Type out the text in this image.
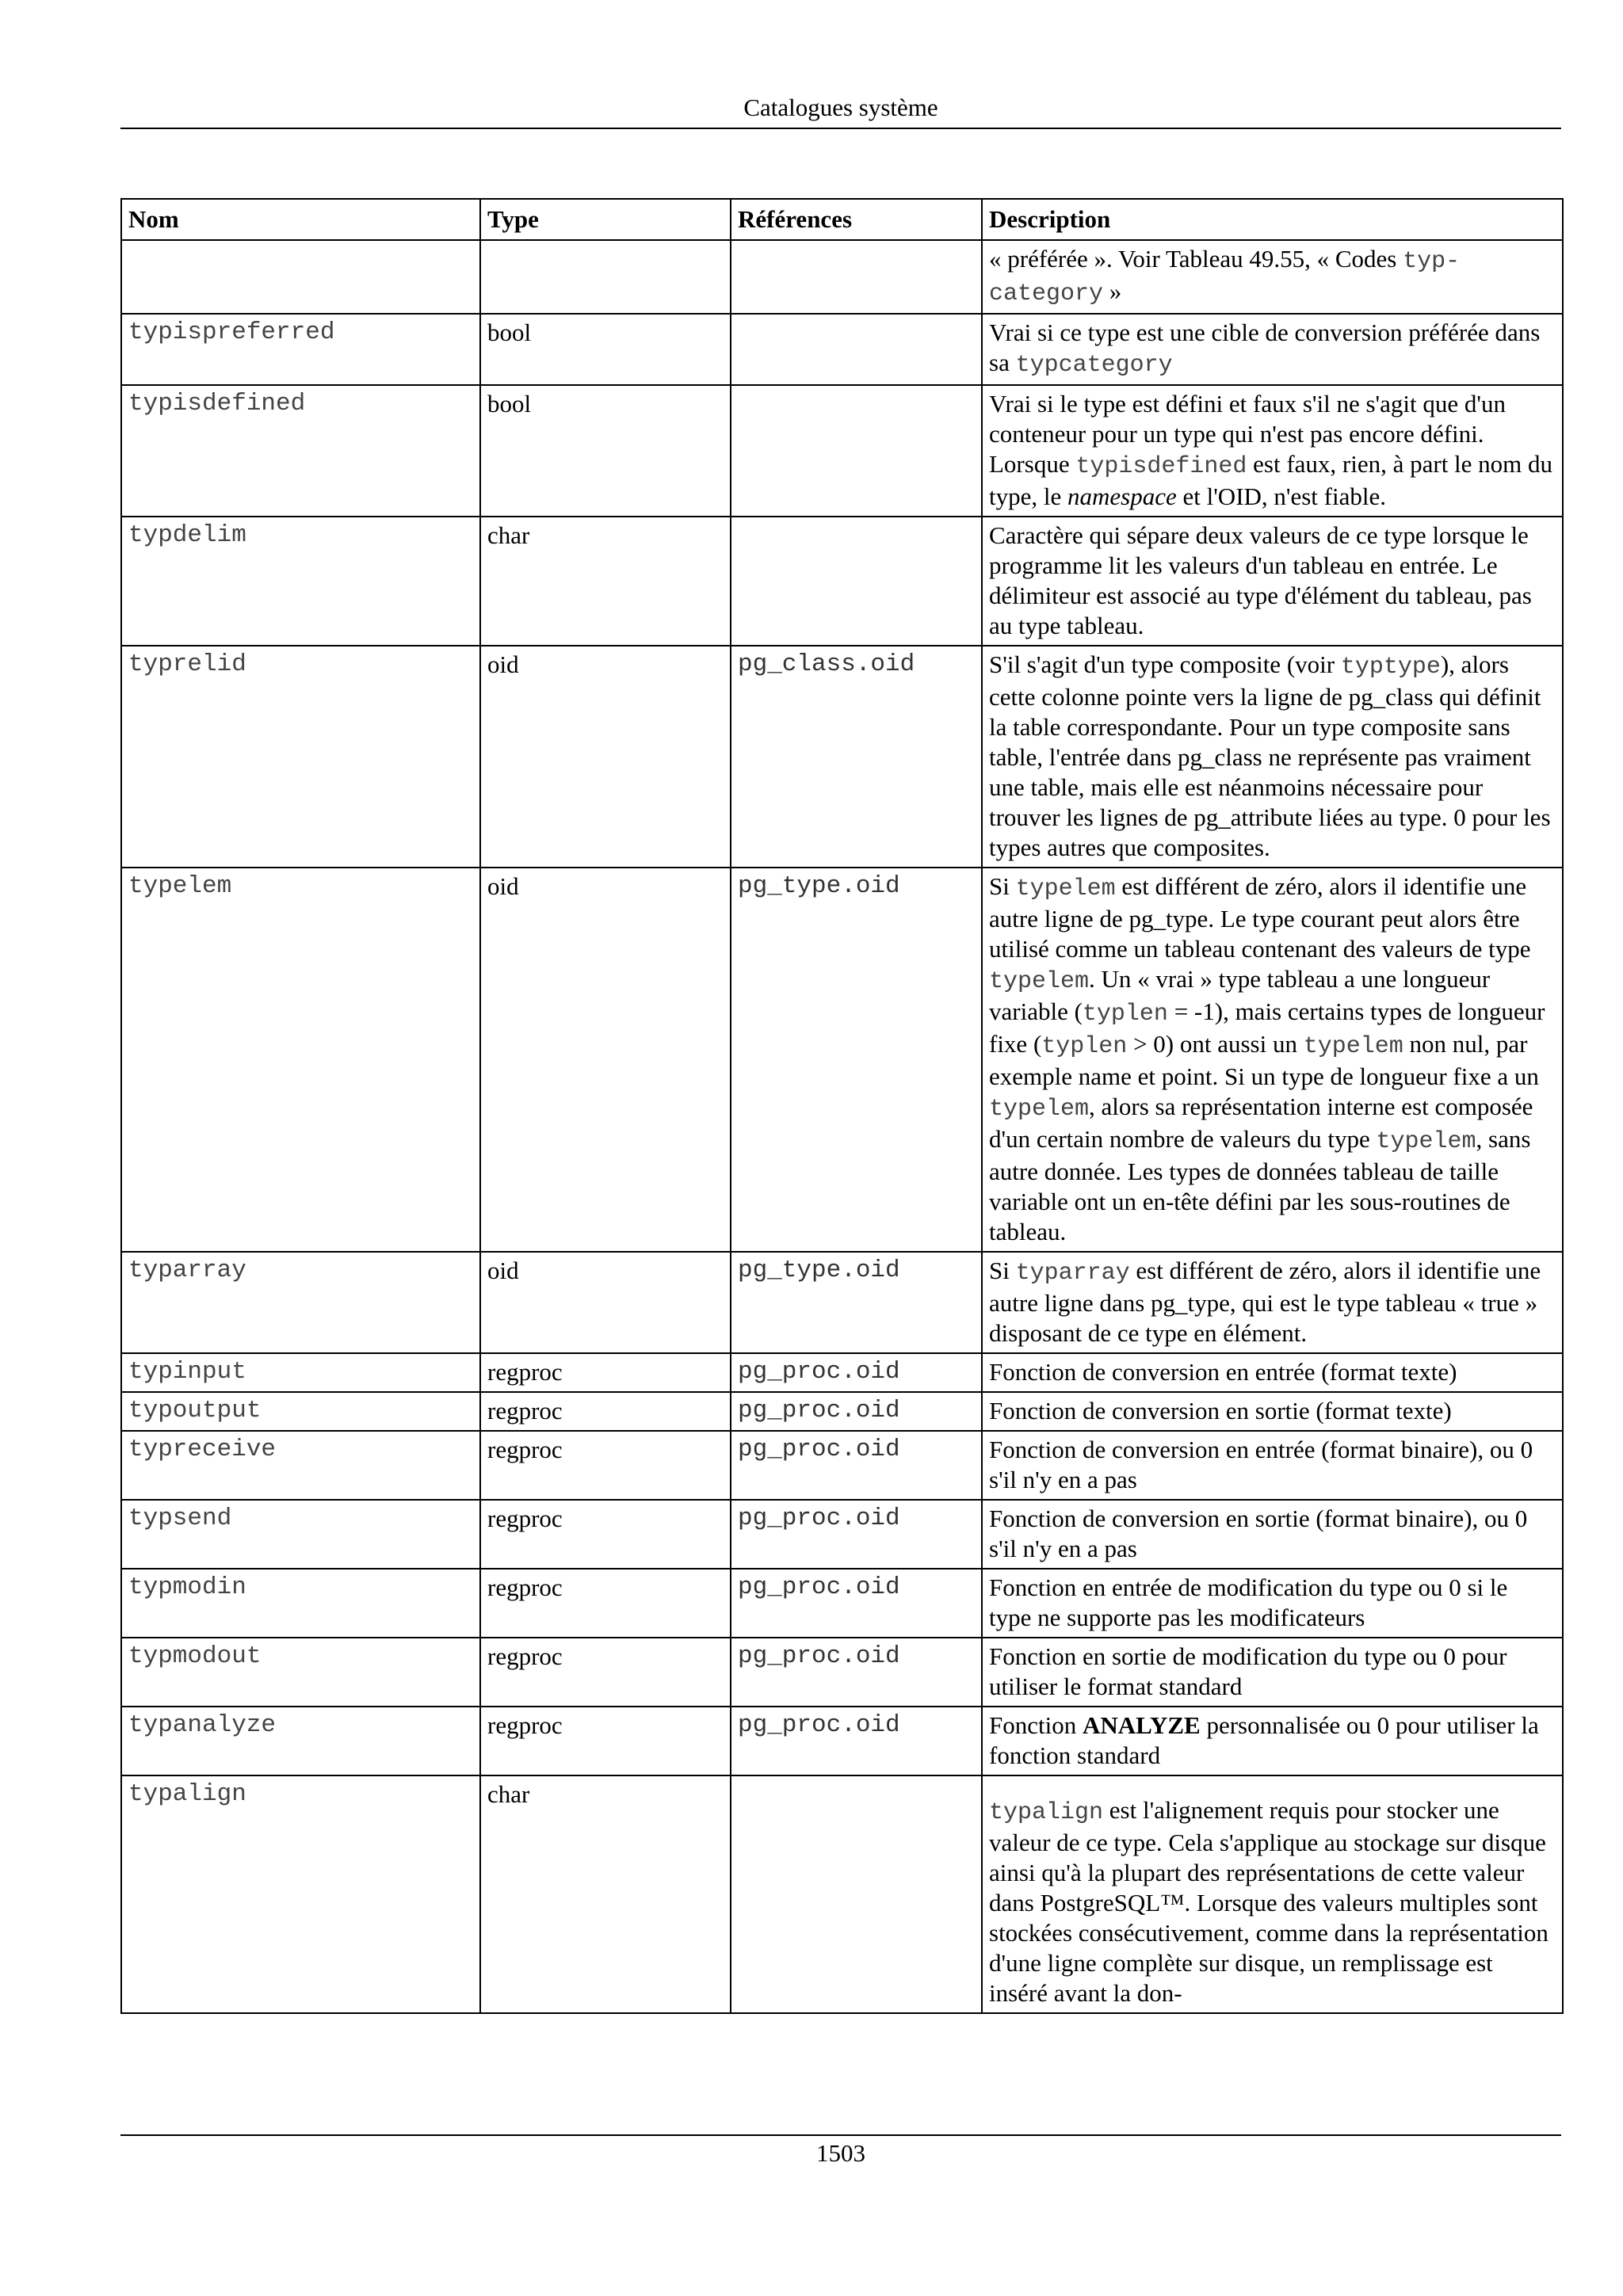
Catalogues système
Nom	Type	Références	Description
			« préférée ». Voir Tableau 49.55, « Codes typ-category »
typispreferred	bool		Vrai si ce type est une cible de conversion préférée dans sa typcategory
typisdefined	bool		Vrai si le type est défini et faux s'il ne s'agit que d'un conteneur pour un type qui n'est pas encore défini. Lorsque typisdefined est faux, rien, à part le nom du type, le namespace et l'OID, n'est fiable.
typdelim	char		Caractère qui sépare deux valeurs de ce type lorsque le programme lit les valeurs d'un tableau en entrée. Le délimiteur est associé au type d'élément du tableau, pas au type tableau.
typrelid	oid	pg_class.oid	S'il s'agit d'un type composite (voir typtype), alors cette colonne pointe vers la ligne de pg_class qui définit la table correspondante. Pour un type composite sans table, l'entrée dans pg_class ne représente pas vraiment une table, mais elle est néanmoins nécessaire pour trouver les lignes de pg_attribute liées au type. 0 pour les types autres que composites.
typelem	oid	pg_type.oid	Si typelem est différent de zéro, alors il identifie une autre ligne de pg_type. Le type courant peut alors être utilisé comme un tableau contenant des valeurs de type typelem. Un « vrai » type tableau a une longueur variable (typlen = -1), mais certains types de longueur fixe (typlen > 0) ont aussi un typelem non nul, par exemple name et point. Si un type de longueur fixe a un typelem, alors sa représentation interne est composée d'un certain nombre de valeurs du type typelem, sans autre donnée. Les types de données tableau de taille variable ont un en-tête défini par les sous-routines de tableau.
typarray	oid	pg_type.oid	Si typarray est différent de zéro, alors il identifie une autre ligne dans pg_type, qui est le type tableau « true » disposant de ce type en élément.
typinput	regproc	pg_proc.oid	Fonction de conversion en entrée (format texte)
typoutput	regproc	pg_proc.oid	Fonction de conversion en sortie (format texte)
typreceive	regproc	pg_proc.oid	Fonction de conversion en entrée (format binaire), ou 0 s'il n'y en a pas
typsend	regproc	pg_proc.oid	Fonction de conversion en sortie (format binaire), ou 0 s'il n'y en a pas
typmodin	regproc	pg_proc.oid	Fonction en entrée de modification du type ou 0 si le type ne supporte pas les modificateurs
typmodout	regproc	pg_proc.oid	Fonction en sortie de modification du type ou 0 pour utiliser le format standard
typanalyze	regproc	pg_proc.oid	Fonction ANALYZE personnalisée ou 0 pour utiliser la fonction standard
typalign	char		typalign est l'alignement requis pour stocker une valeur de ce type. Cela s'applique au stockage sur disque ainsi qu'à la plupart des représentations de cette valeur dans PostgreSQL™. Lorsque des valeurs multiples sont stockées consécutivement, comme dans la représentation d'une ligne complète sur disque, un remplissage est inséré avant la don-
1503
